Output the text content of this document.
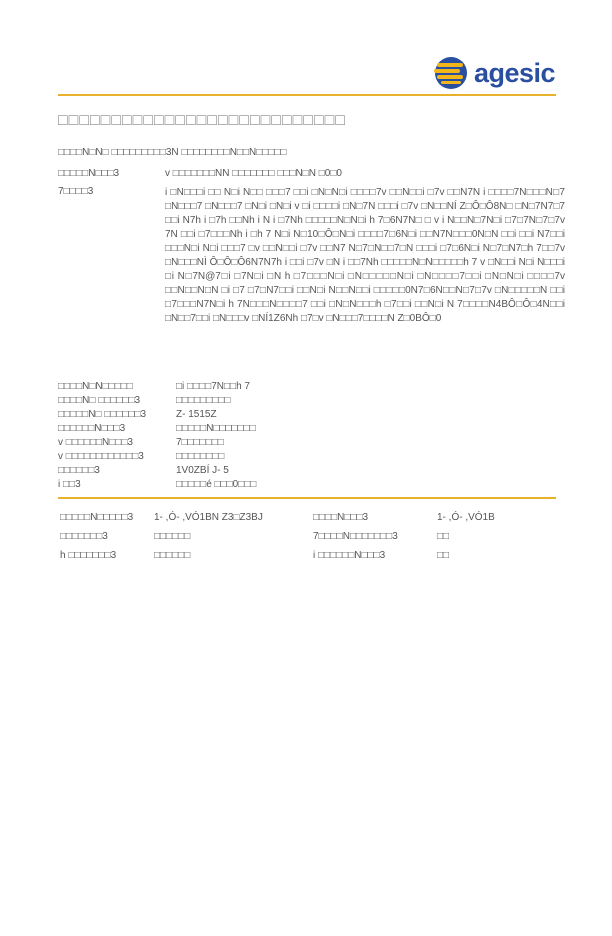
agesic
□□□□□□□□□□□□□□□□□□□□□□□□□□□
□□□□N□N□ □□□□□□□□□3N □□□□□□□□N□□N□□□□□
□□□□□N□□□3	v □□□□□□□NN □□□□□□□ □□□N□N □0□0
7□□□□3	i □N□□□i □□ N□i N□□ □□□7 □□i □N□N□i □□□□7v □□N□□i □7v □□N7N i □□□□7N□□□N□7 □N□□□7 □N□□□7 □N□i □N□i v □i □□□□i □N□7N □□□i □7v □N□□NÍ Z□Ô□Ô8N□ □N□7N7□7 □□i N7h i □7h □□Nh i N i □7Nh □□□□□N□N□i h 7□6N7N□ □ v i N□□N□7N□i □7□7N□7□7v 7N □□i □7□□□Nh i □h 7 N□i N□10□Ô□N□i □□□□7□6N□i □□N7N□□□0N□N □□i □□i N7□□i □□□N□i N□i □□□7 □v □□N□□i □7v □□N7 N□7□N□□7□N □□□i □7□6N□i N□7□N7□h 7□□7v □N□□□NÌ Ô□Ô□Ô6N7N7h i □□i □7v □N i □□7Nh □□□□□N□N□□□□□h 7 v □N□□i N□i N□□□i □i N□7N@7□i □7N□i □N h □7□□□N□i □N□□□□□N□i □N□□□□7□□i □N□N□i □□□□7v □□N□□N□N □i □7 □7□N7□□i □□N□i N□□N□□i □□□□□0N7□6N□□N□7□7v □N□□□□□N □□i □7□□□N7N□i h 7N□□□N□□□□7 □□i □N□N□□□h □7□□i □□N□i N 7□□□□N4BÔ□Ô□4N□□i □N□□7□□i □N□□□v □NÍ1Z6Nh □7□v □N□□□7□□□□N Z□0BÔ□0

□□□□N□N□□□□□	□i □□□□7N□□h 7
□□□□N□ □□□□□□3	□□□□□□□□□
□□□□□N□ □□□□□□3	Z- 1515Z
□□□□□□N□□□3	□□□□□N□□□□□□□
v □□□□□□N□□□3	7□□□□□□□
v □□□□□□□□□□□□3	□□□□□□□□
□□□□□□3	1V0ZBÍ J- 5
i □□3	□□□□□é □□□0□□□
□□□□□N□□□□□3 1- ,Ó- ,VÓ1BN Z3□Z3BJ	□□□□N□□□3	1- ,Ó- ,VÓ1B
□□□□□□□3	□□□□□□	7□□□□N□□□□□□□3	□□
h □□□□□□□3	□□□□□□	i □□□□□□N□□□3	□□
